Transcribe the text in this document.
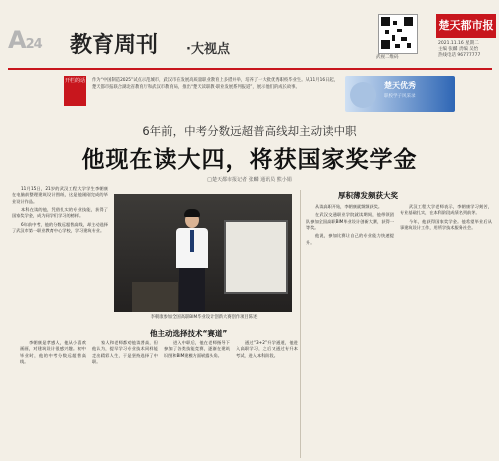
A24 教育周刊 ·大视点
武视二维码
楚天都市报
2021.11.16 星期二
主编 张麟 责编 吴怡
热线电话 96777777
开栏的话 作为“中国制造2025”试点示范城市，武汉市在发展高质量职业教育上多措并举，培养了一大批优秀职校毕业生。从11月16日起，楚天都市报联合湖北省教育厅和武汉市教育局，推出“楚天读职教·职业发展系列报道”，展示他们的成长故事。	楚天优秀
职校学子风采录
6年前，中考分数远超普高线却主动读中职
他现在读大四，将获国家奖学金
□楚天都市报记者 张麟 通讯员 熊小娟

11月15日，21岁的武汉工程大学学生李朝康在电脑前整理建筑设计图纸，这是他刚刚完成的毕业设计作品。

本科在读的他，凭借扎实的专业技能，获得了国家奖学金，成为同学们学习的榜样。

6年前中考，他的分数远超普高线，却主动选择了武汉市第一职业教育中心学校，学习建筑专业。

李朝康参加全国高职BIM毕业设计创新大赛创作项目陈述
他主动选择技术“赛道”

李朝康是孝感人，他从小喜欢画画，对建筑设计很感兴趣。初中毕业时，他的中考分数远超普高线。

家人和老师都劝他读普高，但他认为，提早学习专业技术同样能走出精彩人生，于是坚持选择了中职。

进入中职后，他在老师指导下参加了各类技能竞赛，逐渐在建筑识图和BIM建模方面崭露头角。

通过“3+2”升学通道，他进入高职学习，之后又通过专升本考试，进入本科阶段。

厚积薄发频获大奖

从读高职开始，李朝康就频频获奖。

在武汉交通职业学院就读期间，他带领团队参加全国高职BIM毕业设计创新大赛，获得一等奖。

他说，参加比赛让自己的专业能力快速提升。

武汉工程大学老师表示，李朝康学习刻苦，专业基础扎实，在本科阶段成绩名列前茅。

今年，他获得国家奖学金。他希望毕业后从事建筑设计工作，用所学技术服务社会。
